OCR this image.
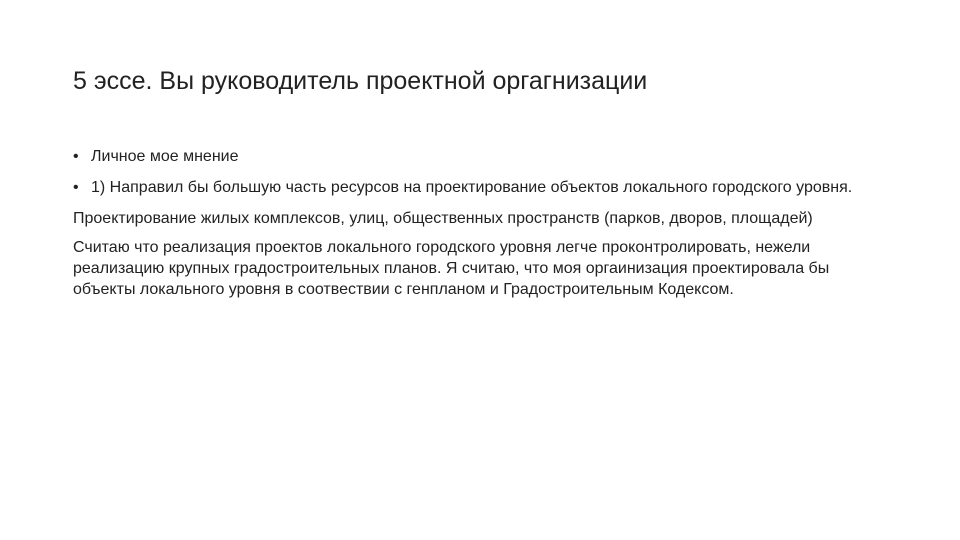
5 эссе. Вы руководитель проектной оргагнизации
• Личное мое мнение
• 1) Направил бы большую часть ресурсов на проектирование объектов локального городского уровня.

Проектирование жилых комплексов, улиц, общественных пространств (парков, дворов, площадей)

Считаю что реализация проектов локального городского уровня легче проконтролировать, нежели реализацию крупных градостроительных планов. Я считаю, что моя оргаинизация проектировала бы объекты локального уровня в соотвествии с генпланом и Градостроительным Кодексом.
